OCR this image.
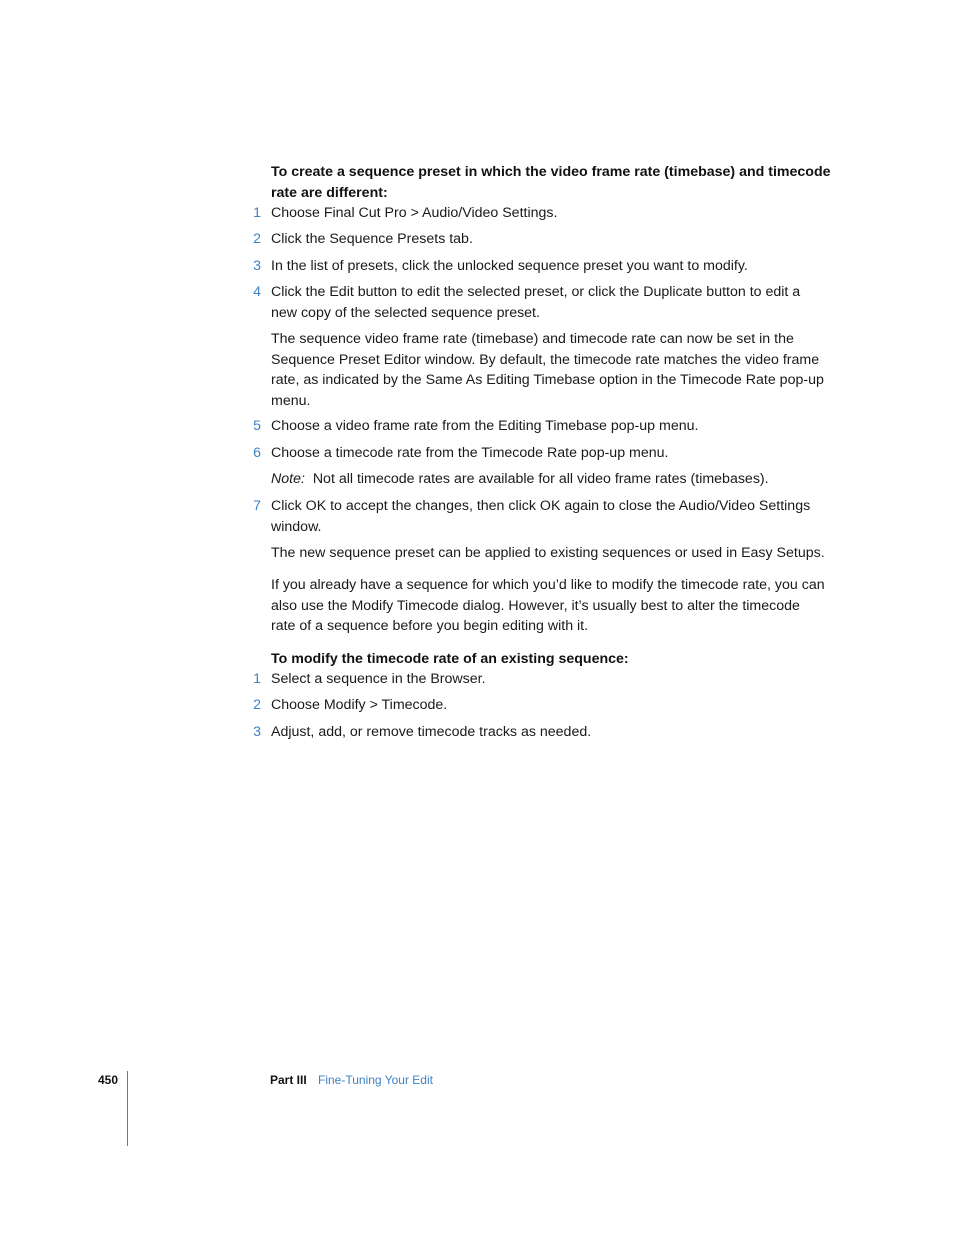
To create a sequence preset in which the video frame rate (timebase) and timecode rate are different:
1 Choose Final Cut Pro > Audio/Video Settings.
2 Click the Sequence Presets tab.
3 In the list of presets, click the unlocked sequence preset you want to modify.
4 Click the Edit button to edit the selected preset, or click the Duplicate button to edit a new copy of the selected sequence preset.
The sequence video frame rate (timebase) and timecode rate can now be set in the Sequence Preset Editor window. By default, the timecode rate matches the video frame rate, as indicated by the Same As Editing Timebase option in the Timecode Rate pop-up menu.
5 Choose a video frame rate from the Editing Timebase pop-up menu.
6 Choose a timecode rate from the Timecode Rate pop-up menu.
Note: Not all timecode rates are available for all video frame rates (timebases).
7 Click OK to accept the changes, then click OK again to close the Audio/Video Settings window.
The new sequence preset can be applied to existing sequences or used in Easy Setups.
If you already have a sequence for which you’d like to modify the timecode rate, you can also use the Modify Timecode dialog. However, it’s usually best to alter the timecode rate of a sequence before you begin editing with it.
To modify the timecode rate of an existing sequence:
1 Select a sequence in the Browser.
2 Choose Modify > Timecode.
3 Adjust, add, or remove timecode tracks as needed.
450	Part III Fine-Tuning Your Edit
